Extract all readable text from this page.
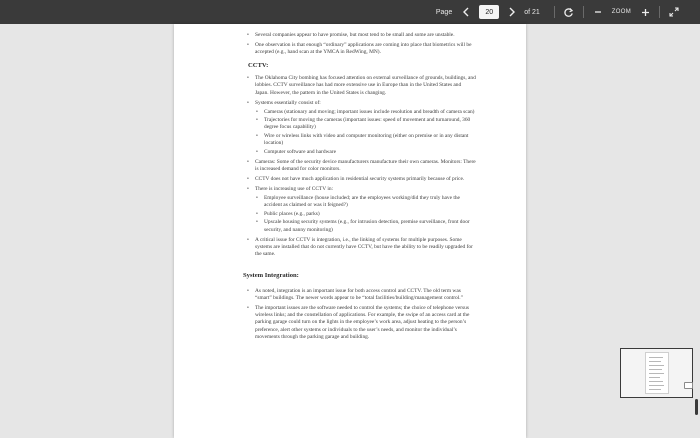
Page
20	of 21	ZOOM
• Several companies appear to have promise, but most tend to be small and some are unstable.
• One observation is that enough “ordinary” applications are coming into place that biometrics will be accepted (e.g., hand scan at the YMCA in RedWing, MN).
CCTV:
• The Oklahoma City bombing has focused attention on external surveillance of grounds, buildings, and lobbies. CCTV surveillance has had more extensive use in Europe than in the United States and Japan. However, the pattern in the United States is changing.
• Systems essentially consist of:
• Cameras (stationary and moving; important issues include resolution and breadth of camera scan)
• Trajectories for moving the cameras (important issues: speed of movement and turnaround, 360 degree focus capability)
• Wire or wireless links with video and computer monitoring (either on premise or in any distant location)
• Computer software and hardware
• Cameras: Some of the security device manufacturers manufacture their own cameras. Monitors: There is increased demand for color monitors.
• CCTV does not have much application in residential security systems primarily because of price.
• There is increasing use of CCTV in:
• Employee surveillance (house included; are the employees working/did they truly have the accident as claimed or was it feigned?)
• Public places (e.g., parks)
• Upscale housing security systems (e.g., for intrusion detection, premise surveillance, front door security, and nanny monitoring)
• A critical issue for CCTV is integration, i.e., the linking of systems for multiple purposes. Some systems are installed that do not currently have CCTV, but have the ability to be readily upgraded for the same.
System Integration:
• As noted, integration is an important issue for both access control and CCTV. The old term was “smart” buildings. The newer words appear to be “total facilities/building/management control.”
• The important issues are the software needed to control the systems; the choice of telephone versus wireless links; and the constellation of applications. For example, the swipe of an access card at the parking garage could turn on the lights in the employee’s work area, adjust heating to the person’s preference, alert other systems or individuals to the user’s needs, and monitor the individual’s movements through the parking garage and building.
